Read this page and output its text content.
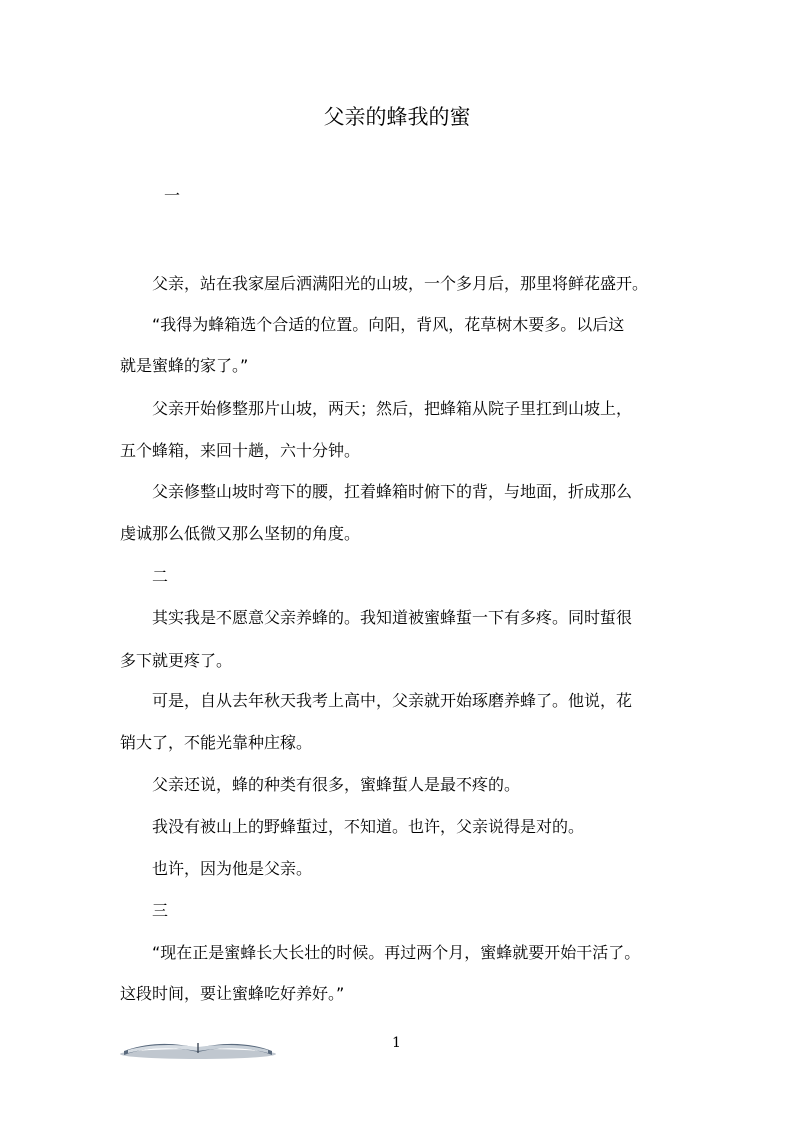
父亲的蜂我的蜜
一
父亲，站在我家屋后洒满阳光的山坡，一个多月后，那里将鲜花盛开。
“我得为蜂箱选个合适的位置。向阳，背风，花草树木要多。以后这
就是蜜蜂的家了。”
父亲开始修整那片山坡，两天；然后，把蜂箱从院子里扛到山坡上，
五个蜂箱，来回十趟，六十分钟。
父亲修整山坡时弯下的腰，扛着蜂箱时俯下的背，与地面，折成那么
虔诚那么低微又那么坚韧的角度。
二
其实我是不愿意父亲养蜂的。我知道被蜜蜂蜇一下有多疼。同时蜇很
多下就更疼了。
可是，自从去年秋天我考上高中，父亲就开始琢磨养蜂了。他说，花
销大了，不能光靠种庄稼。
父亲还说，蜂的种类有很多，蜜蜂蜇人是最不疼的。
我没有被山上的野蜂蜇过，不知道。也许，父亲说得是对的。
也许，因为他是父亲。
三
“现在正是蜜蜂长大长壮的时候。再过两个月，蜜蜂就要开始干活了。
这段时间，要让蜜蜂吃好养好。”
1
